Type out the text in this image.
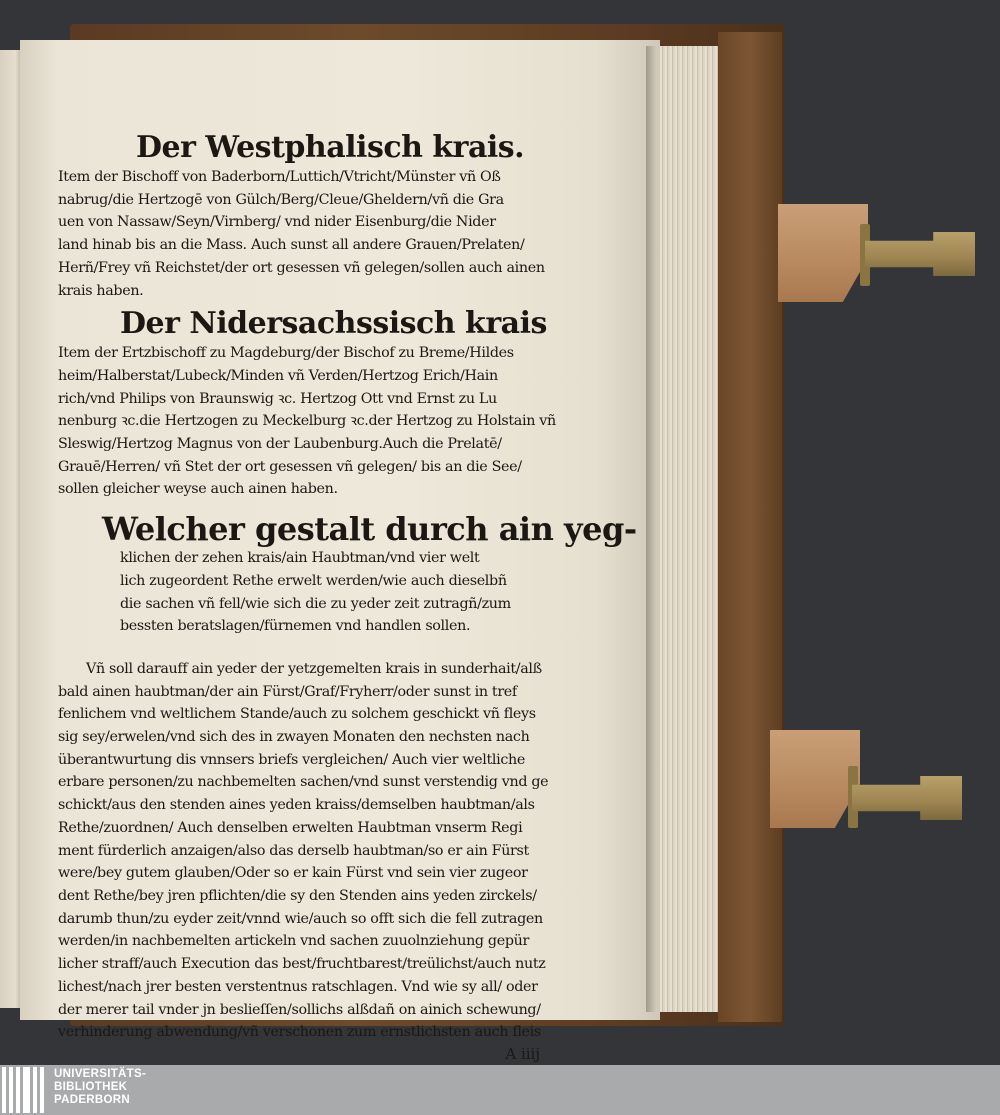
Der Westphalisch krais.
Item der Bischoff von Baderborn/Luttich/Vtricht/Münster vñ Oß
nabrug/die Hertzogē von Gülch/Berg/Cleue/Gheldern/vñ die Gra
uen von Nassaw/Seyn/Virnberg/ vnd nider Eisenburg/die Nider
land hinab bis an die Mass. Auch sunst all andere Grauen/Prelaten/
Herñ/Frey vñ Reichstet/der ort gesessen vñ gelegen/sollen auch ainen
krais haben.
Der Nidersachssisch krais
Item der Ertzbischoff zu Magdeburg/der Bischof zu Breme/Hildes
heim/Halberstat/Lubeck/Minden vñ Verden/Hertzog Erich/Hain
rich/vnd Philips von Braunswig ꝛc. Hertzog Ott vnd Ernst zu Lu
nenburg ꝛc.die Hertzogen zu Meckelburg ꝛc.der Hertzog zu Holstain vñ
Sleswig/Hertzog Magnus von der Laubenburg.Auch die Prelatē/
Grauē/Herren/ vñ Stet der ort gesessen vñ gelegen/ bis an die See/
sollen gleicher weyse auch ainen haben.
Welcher gestalt durch ain yeg-
klichen der zehen krais/ain Haubtman/vnd vier welt
lich zugeordent Rethe erwelt werden/wie auch dieselbñ
die sachen vñ fell/wie sich die zu yeder zeit zutragñ/zum
bessten beratslagen/fürnemen vnd handlen sollen.
Vñ soll darauff ain yeder der yetzgemelten krais in sunderhait/alß
bald ainen haubtman/der ain Fürst/Graf/Fryherr/oder sunst in tref
fenlichem vnd weltlichem Stande/auch zu solchem geschickt vñ fleys
sig sey/erwelen/vnd sich des in zwayen Monaten den nechsten nach
überantwurtung dis vnnsers briefs vergleichen/ Auch vier weltliche
erbare personen/zu nachbemelten sachen/vnd sunst verstendig vnd ge
schickt/aus den stenden aines yeden kraiss/demselben haubtman/als
Rethe/zuordnen/ Auch denselben erwelten Haubtman vnserm Regi
ment fürderlich anzaigen/also das derselb haubtman/so er ain Fürst
were/bey gutem glauben/Oder so er kain Fürst vnd sein vier zugeor
dent Rethe/bey jren pflichten/die sy den Stenden ains yeden zirckels/
darumb thun/zu eyder zeit/vnnd wie/auch so offt sich die fell zutragen
werden/in nachbemelten artickeln vnd sachen zuuolnziehung gepür
licher straff/auch Execution das best/fruchtbarest/treülichst/auch nutz
lichest/nach jrer besten verstentnus ratschlagen. Vnd wie sy all/ oder
der merer tail vnder jn beslieſſen/sollichs alßdañ on ainich schewung/
verhinderung abwendung/vñ verschonen zum ernstlichsten auch fleis
A iiij
UNIVERSITÄTS-
BIBLIOTHEK
PADERBORN
